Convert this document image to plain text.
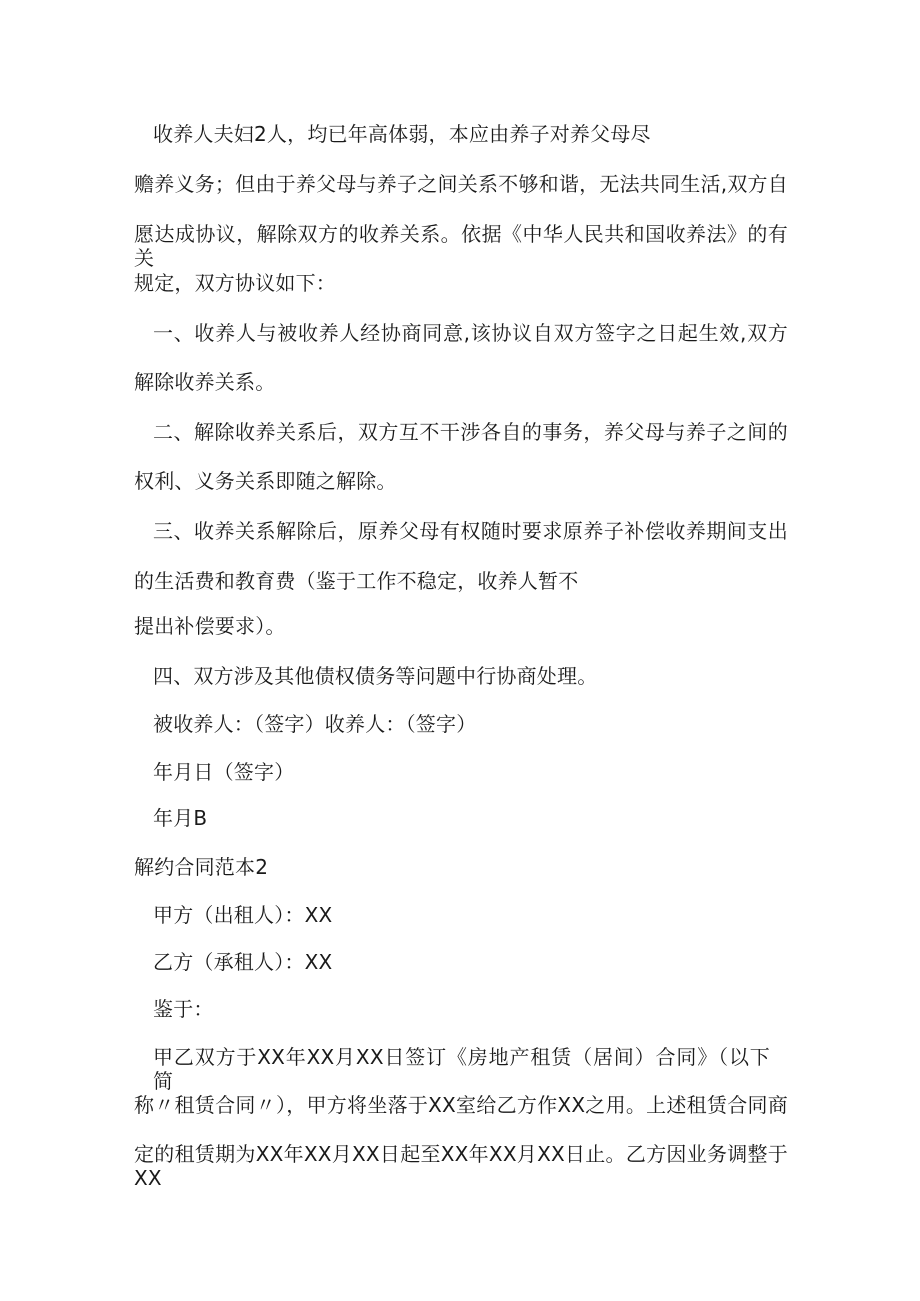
收养人夫妇2人，均已年高体弱，本应由养子对养父母尽
赡养义务；但由于养父母与养子之间关系不够和谐，无法共同生活,双方自
愿达成协议，解除双方的收养关系。依据《中华人民共和国收养法》的有关
规定，双方协议如下：
一、收养人与被收养人经协商同意,该协议自双方签字之日起生效,双方
解除收养关系。
二、解除收养关系后，双方互不干涉各自的事务，养父母与养子之间的
权利、义务关系即随之解除。
三、收养关系解除后，原养父母有权随时要求原养子补偿收养期间支出
的生活费和教育费（鉴于工作不稳定，收养人暂不
提出补偿要求）。
四、双方涉及其他债权债务等问题中行协商处理。
被收养人：（签字）收养人：（签字）
年月日（签字）
年月B
解约合同范本2
甲方（出租人）：XX
乙方（承租人）：XX
鉴于：
甲乙双方于XX年XX月XX日签订《房地产租赁（居间）合同》（以下简
称〃租赁合同〃），甲方将坐落于XX室给乙方作XX之用。上述租赁合同商
定的租赁期为XX年XX月XX日起至XX年XX月XX日止。乙方因业务调整于XX
